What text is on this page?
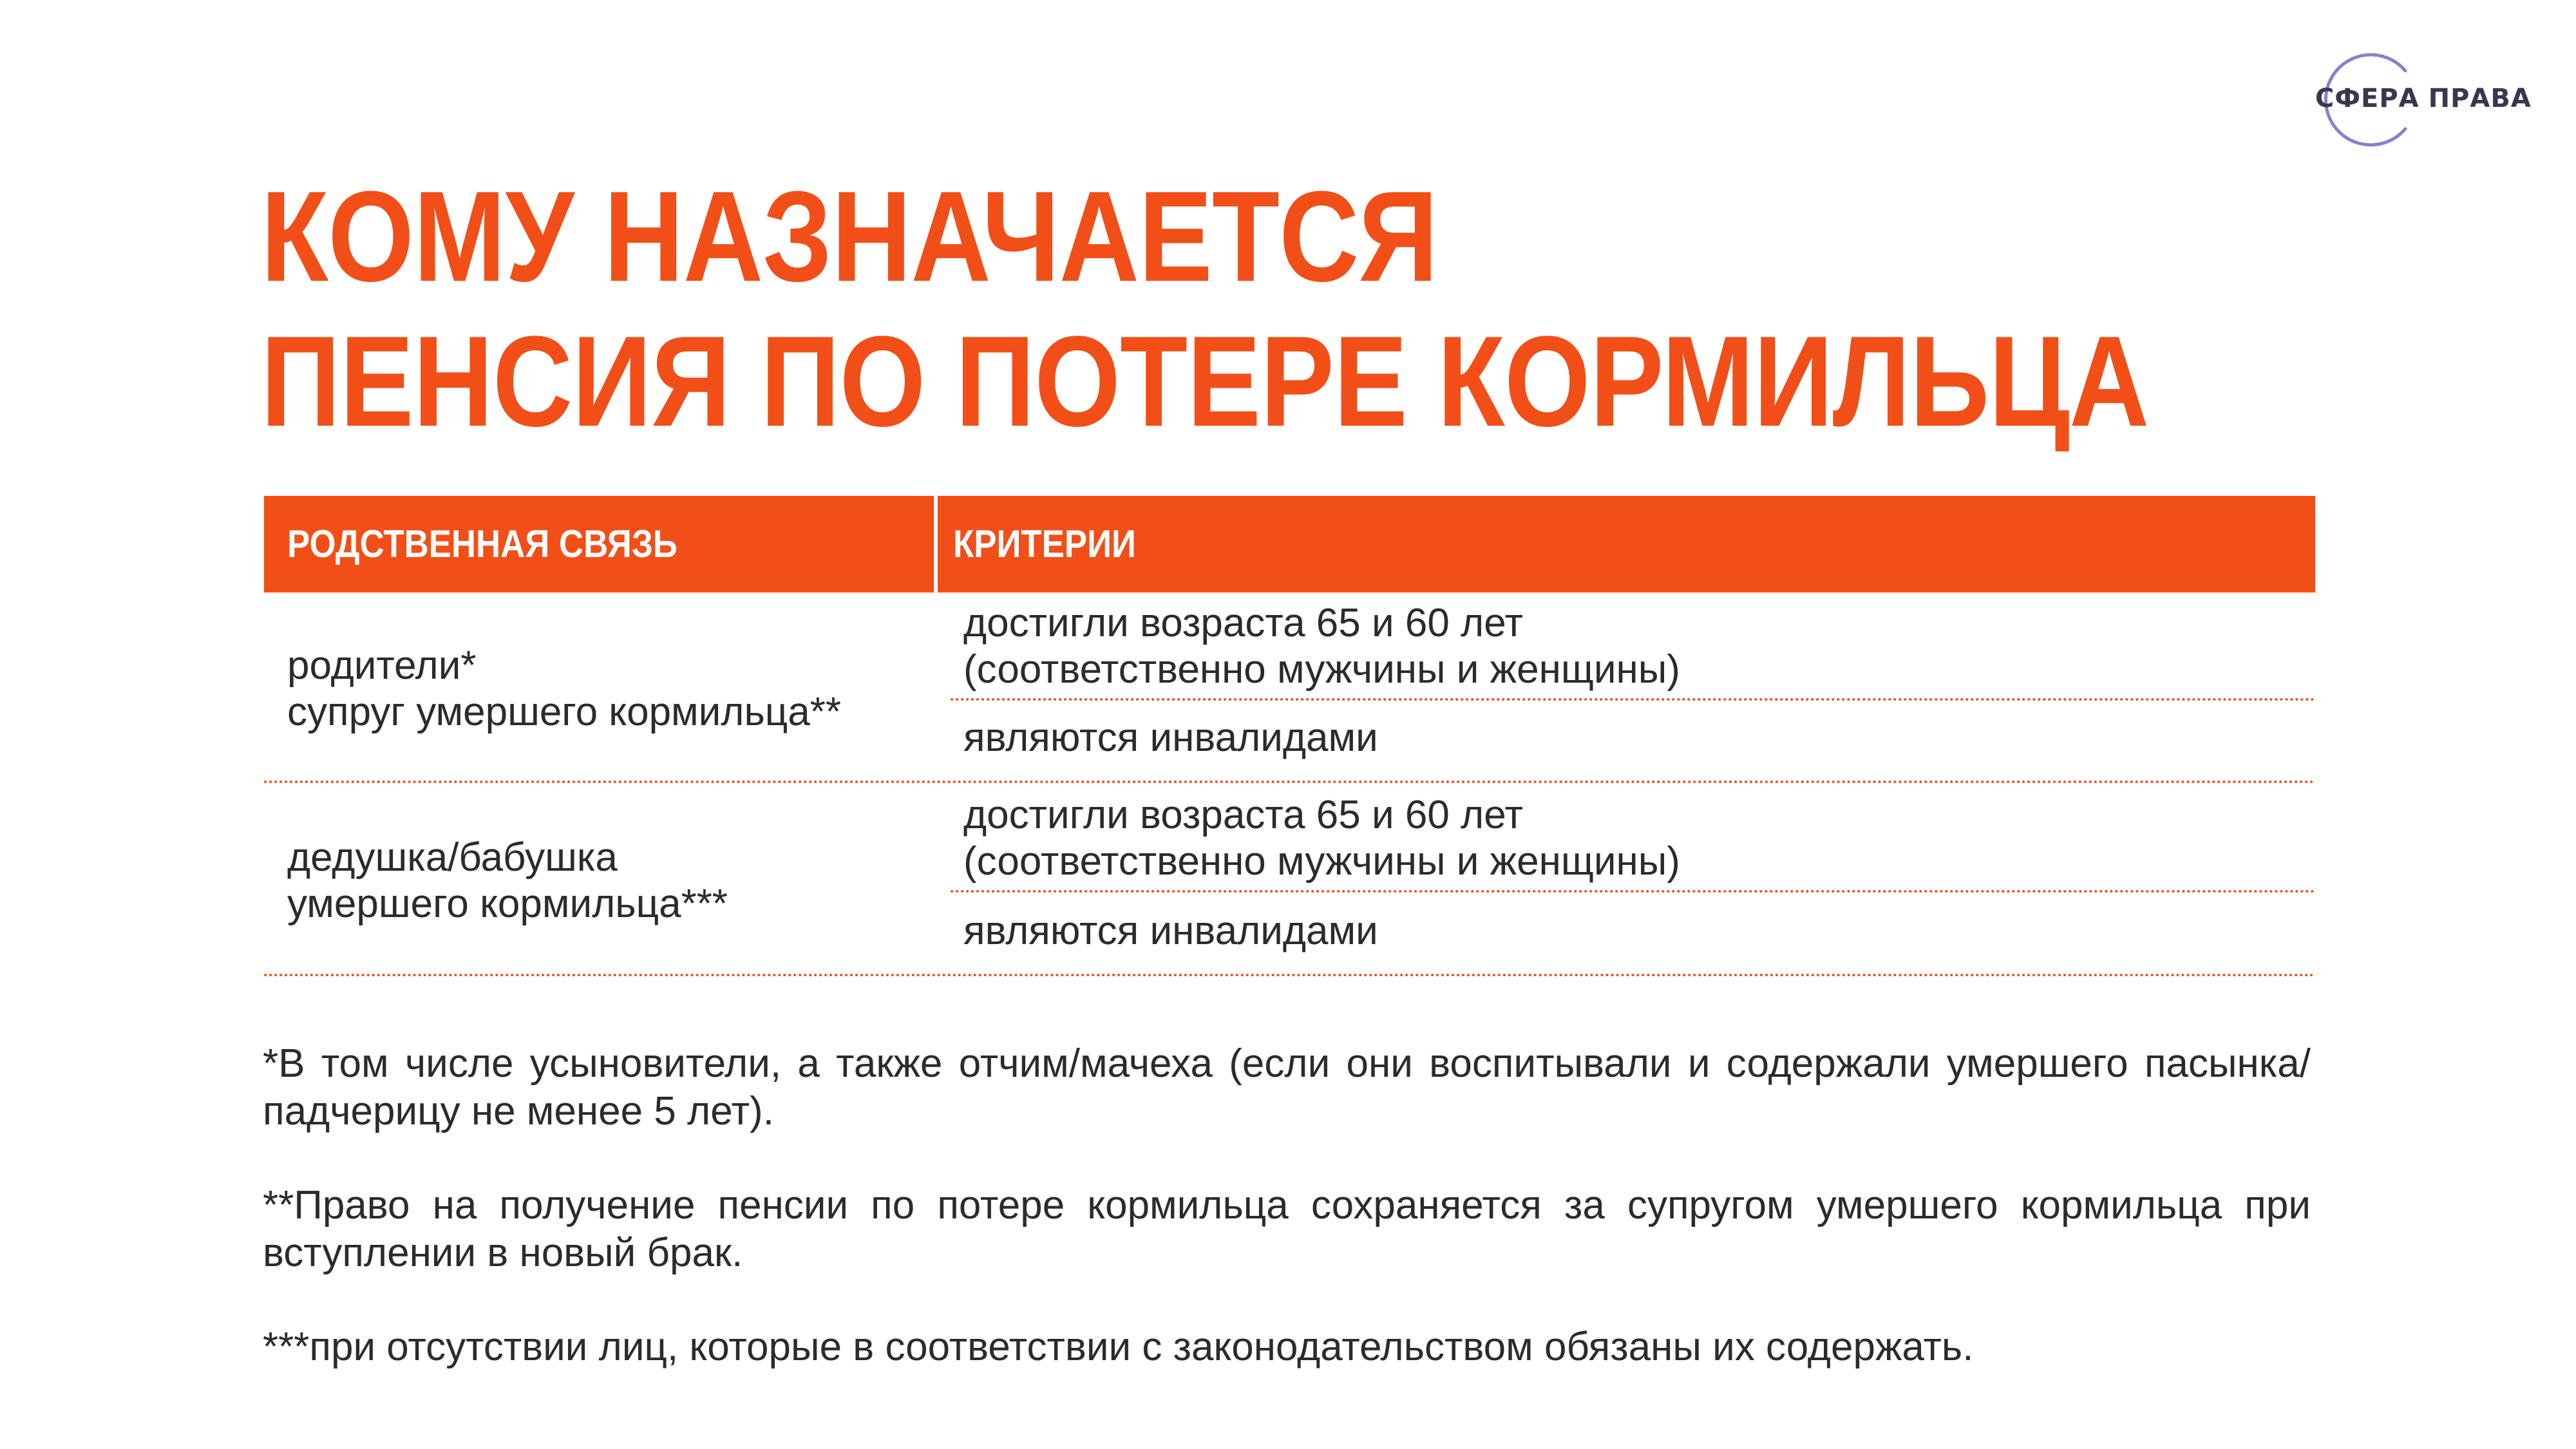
СФЕРА ПРАВА
КОМУ НАЗНАЧАЕТСЯ
ПЕНСИЯ ПО ПОТЕРЕ КОРМИЛЬЦА
РОДСТВЕННАЯ СВЯЗЬ	КРИТЕРИИ
родители*
супруг умершего кормильца**
достигли возраста 65 и 60 лет
(соответственно мужчины и женщины)
являются инвалидами
дедушка/бабушка
умершего кормильца***
достигли возраста 65 и 60 лет
(соответственно мужчины и женщины)
являются инвалидами

*В том числе усыновители, а также отчим/мачеха (если они воспитывали и содержали умершего пасынка/падчерицу не менее 5 лет).

**Право на получение пенсии по потере кормильца сохраняется за супругом умершего кормильца при вступлении в новый брак.

***при отсутствии лиц, которые в соответствии с законодательством обязаны их содержать.
